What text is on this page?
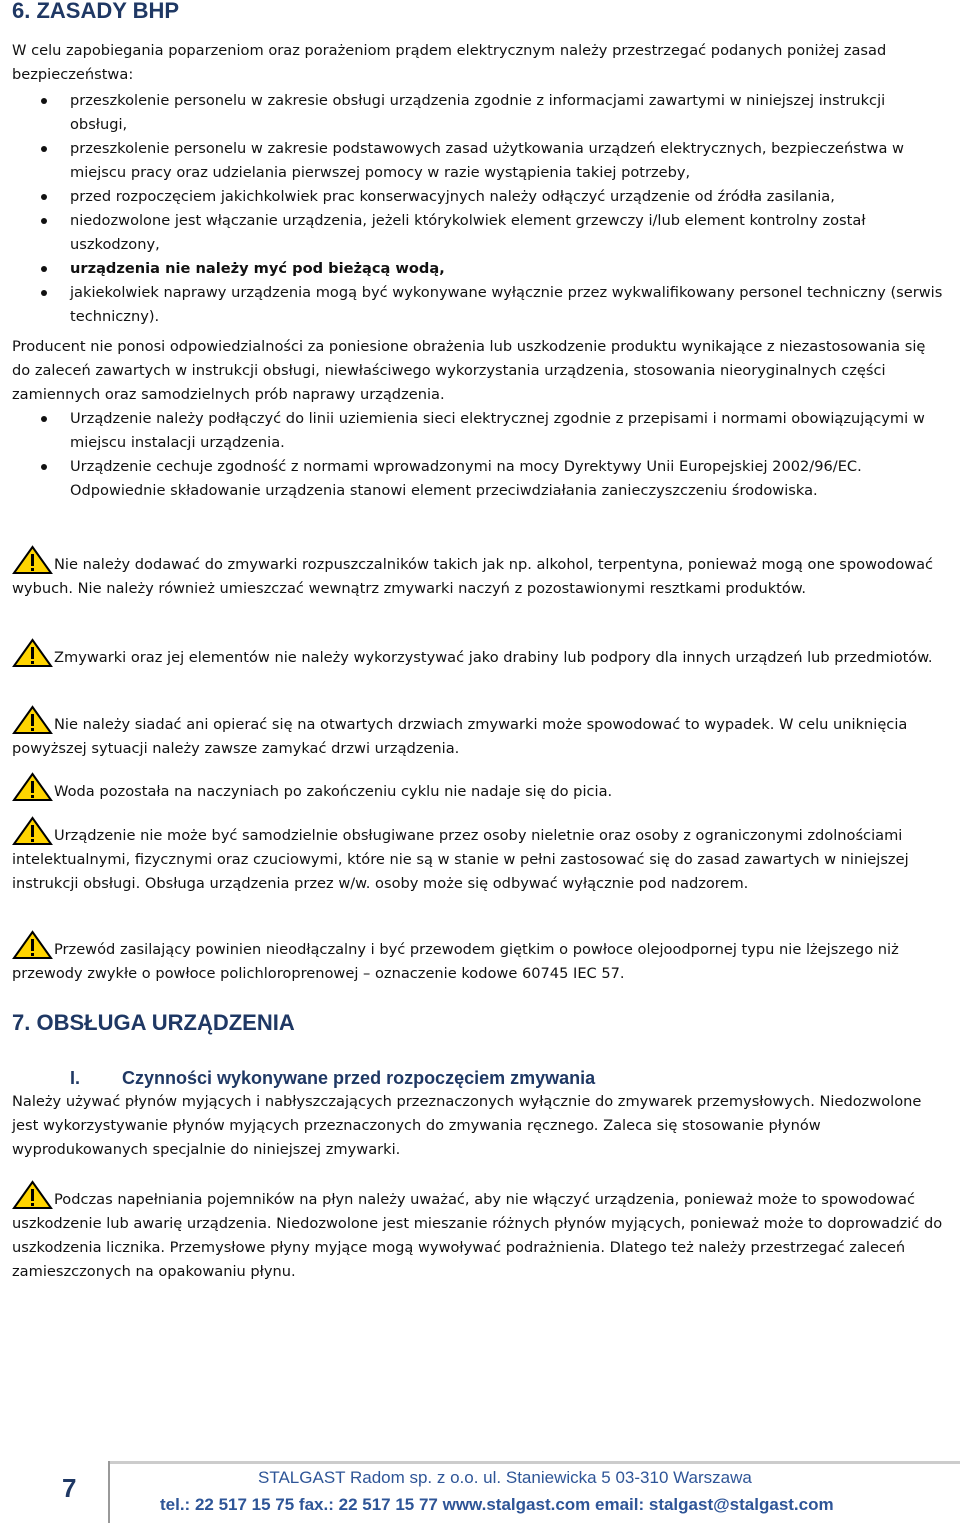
6. ZASADY BHP

W celu zapobiegania poparzeniom oraz porażeniom prądem elektrycznym należy przestrzegać podanych poniżej zasad bezpieczeństwa:

przeszkolenie personelu w zakresie obsługi urządzenia zgodnie z informacjami zawartymi w niniejszej instrukcji obsługi,
przeszkolenie personelu w zakresie podstawowych zasad użytkowania urządzeń elektrycznych, bezpieczeństwa w miejscu pracy oraz udzielania pierwszej pomocy w razie wystąpienia takiej potrzeby,
przed rozpoczęciem jakichkolwiek prac konserwacyjnych należy odłączyć urządzenie od źródła zasilania,
niedozwolone jest włączanie urządzenia, jeżeli którykolwiek element grzewczy i/lub element kontrolny został uszkodzony,
urządzenia nie należy myć pod bieżącą wodą,
jakiekolwiek naprawy urządzenia mogą być wykonywane wyłącznie przez wykwalifikowany personel techniczny (serwis techniczny).

Producent nie ponosi odpowiedzialności za poniesione obrażenia lub uszkodzenie produktu wynikające z niezastosowania się do zaleceń zawartych w instrukcji obsługi, niewłaściwego wykorzystania urządzenia, stosowania nieoryginalnych części zamiennych oraz samodzielnych prób naprawy urządzenia.

Urządzenie należy podłączyć do linii uziemienia sieci elektrycznej zgodnie z przepisami i normami obowiązującymi w miejscu instalacji urządzenia.
Urządzenie cechuje zgodność z normami wprowadzonymi na mocy Dyrektywy Unii Europejskiej 2002/96/EC. Odpowiednie składowanie urządzenia stanowi element przeciwdziałania zanieczyszczeniu środowiska.

Nie należy dodawać do zmywarki rozpuszczalników takich jak np. alkohol, terpentyna, ponieważ mogą one spowodować wybuch. Nie należy również umieszczać wewnątrz zmywarki naczyń z pozostawionymi resztkami produktów.

Zmywarki oraz jej elementów nie należy wykorzystywać jako drabiny lub podpory dla innych urządzeń lub przedmiotów.

Nie należy siadać ani opierać się na otwartych drzwiach zmywarki może spowodować to wypadek. W celu uniknięcia powyższej sytuacji należy zawsze zamykać drzwi urządzenia.

Woda pozostała na naczyniach po zakończeniu cyklu nie nadaje się do picia.

Urządzenie nie może być samodzielnie obsługiwane przez osoby nieletnie oraz osoby z ograniczonymi zdolnościami intelektualnymi, fizycznymi oraz czuciowymi, które nie są w stanie w pełni zastosować się do zasad zawartych w niniejszej instrukcji obsługi. Obsługa urządzenia przez w/w. osoby może się odbywać wyłącznie pod nadzorem.

Przewód zasilający powinien nieodłączalny i być przewodem giętkim o powłoce olejoodpornej typu nie lżejszego niż przewody zwykłe o powłoce polichloroprenowej – oznaczenie kodowe 60745 IEC 57.

7. OBSŁUGA URZĄDZENIA
I. Czynności wykonywane przed rozpoczęciem zmywania

Należy używać płynów myjących i nabłyszczających przeznaczonych wyłącznie do zmywarek przemysłowych. Niedozwolone jest wykorzystywanie płynów myjących przeznaczonych do zmywania ręcznego. Zaleca się stosowanie płynów wyprodukowanych specjalnie do niniejszej zmywarki.

Podczas napełniania pojemników na płyn należy uważać, aby nie włączyć urządzenia, ponieważ może to spowodować uszkodzenie lub awarię urządzenia. Niedozwolone jest mieszanie różnych płynów myjących, ponieważ może to doprowadzić do uszkodzenia licznika. Przemysłowe płyny myjące mogą wywoływać podrażnienia. Dlatego też należy przestrzegać zaleceń zamieszczonych na opakowaniu płynu.

7	STALGAST Radom sp. z o.o. ul. Staniewicka 5 03-310 Warszawa
tel.: 22 517 15 75 fax.: 22 517 15 77 www.stalgast.com email: stalgast@stalgast.com
